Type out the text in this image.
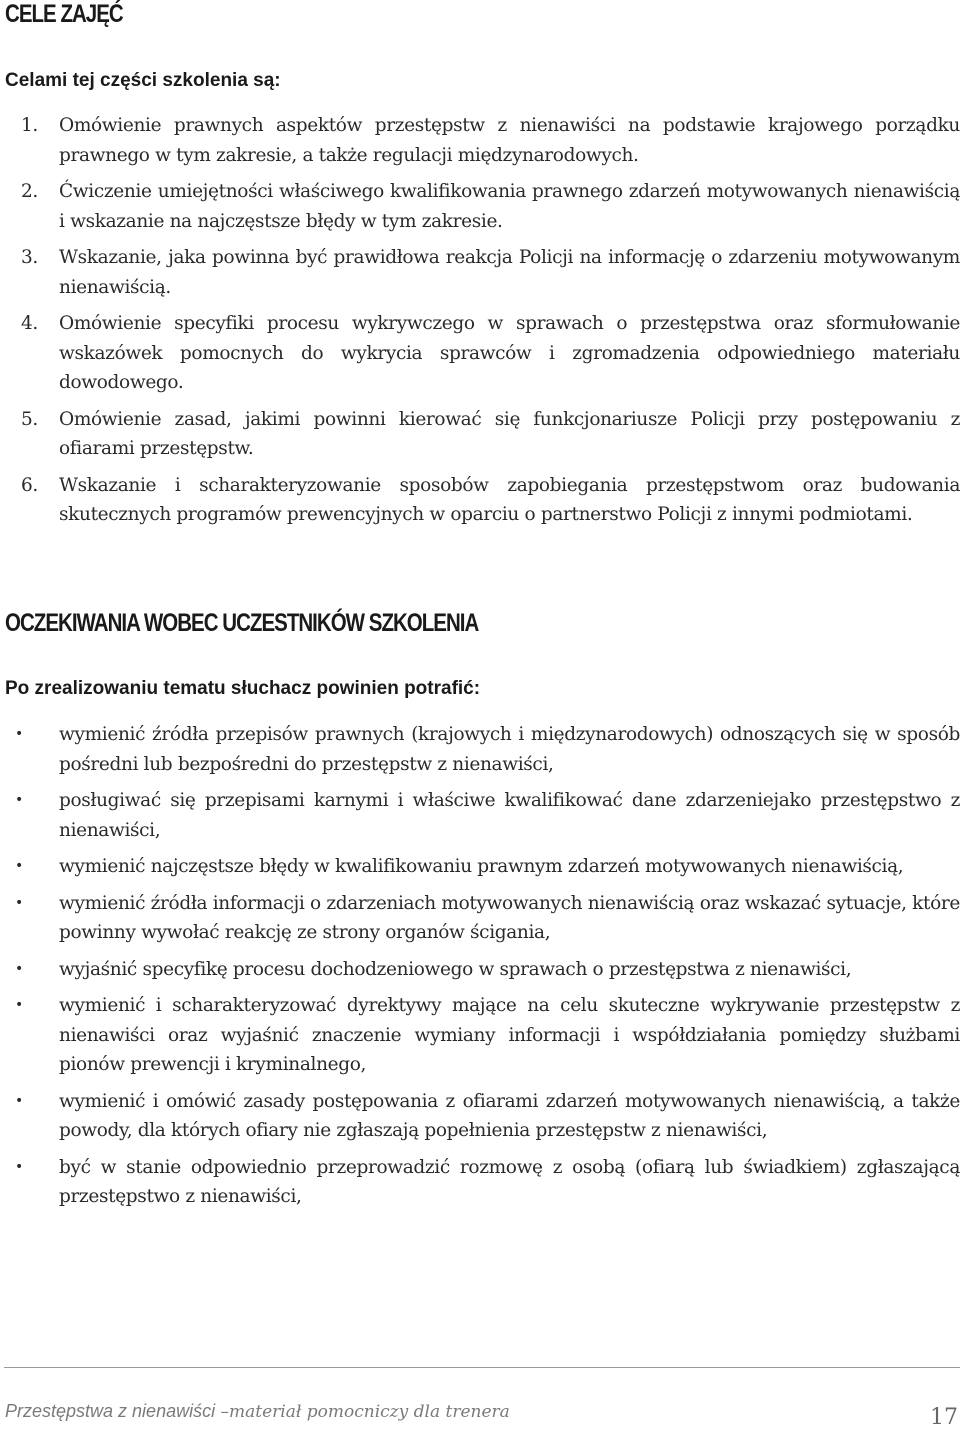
CELE ZAJĘĆ
Celami tej części szkolenia są:
1. Omówienie prawnych aspektów przestępstw z nienawiści na podstawie krajowego porządku prawnego w tym zakresie, a także regulacji międzynarodowych.
2. Ćwiczenie umiejętności właściwego kwalifikowania prawnego zdarzeń motywowanych nienawiścią i wskazanie na najczęstsze błędy w tym zakresie.
3. Wskazanie, jaka powinna być prawidłowa reakcja Policji na informację o zdarzeniu motywowanym nienawiścią.
4. Omówienie specyfiki procesu wykrywczego w sprawach o przestępstwa oraz sformułowanie wskazówek pomocnych do wykrycia sprawców i zgromadzenia odpowiedniego materiału dowodowego.
5. Omówienie zasad, jakimi powinni kierować się funkcjonariusze Policji przy postępowaniu z ofiarami przestępstw.
6. Wskazanie i scharakteryzowanie sposobów zapobiegania przestępstwom oraz budowania skutecznych programów prewencyjnych w oparciu o partnerstwo Policji z innymi podmiotami.
OCZEKIWANIA WOBEC UCZESTNIKÓW SZKOLENIA
Po zrealizowaniu tematu słuchacz powinien potrafić:
• wymienić źródła przepisów prawnych (krajowych i międzynarodowych) odnoszących się w sposób pośredni lub bezpośredni do przestępstw z nienawiści,
• posługiwać się przepisami karnymi i właściwe kwalifikować dane zdarzeniejako przestępstwo z nienawiści,
• wymienić najczęstsze błędy w kwalifikowaniu prawnym zdarzeń motywowanych nienawiścią,
• wymienić źródła informacji o zdarzeniach motywowanych nienawiścią oraz wskazać sytuacje, które powinny wywołać reakcję ze strony organów ścigania,
• wyjaśnić specyfikę procesu dochodzeniowego w sprawach o przestępstwa z nienawiści,
• wymienić i scharakteryzować dyrektywy mające na celu skuteczne wykrywanie przestępstw z nienawiści oraz wyjaśnić znaczenie wymiany informacji i współdziałania pomiędzy służbami pionów prewencji i kryminalnego,
• wymienić i omówić zasady postępowania z ofiarami zdarzeń motywowanych nienawiścią, a także powody, dla których ofiary nie zgłaszają popełnienia przestępstw z nienawiści,
• być w stanie odpowiednio przeprowadzić rozmowę z osobą (ofiarą lub świadkiem) zgłaszającą przestępstwo z nienawiści,
Przestępstwa z nienawiści –materiał pomocniczy dla trenera	17
